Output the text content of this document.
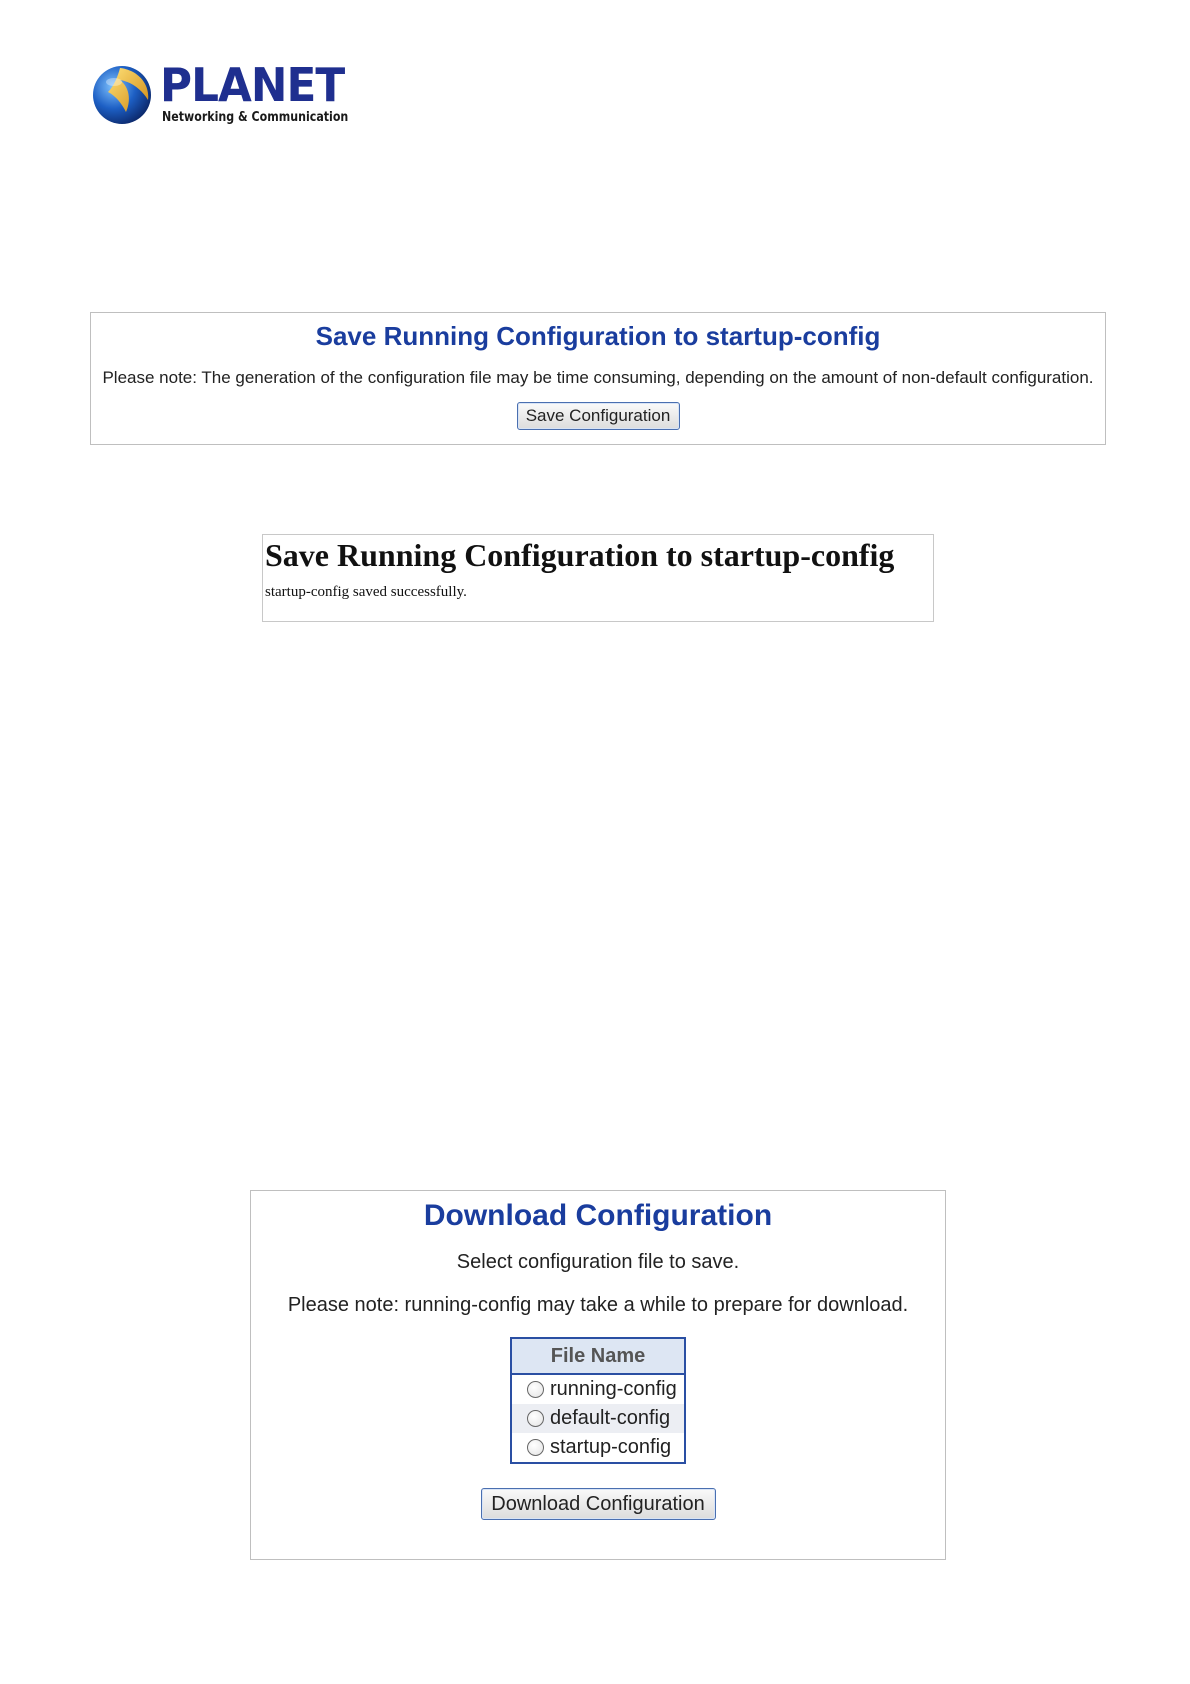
PLANET
Networking & Communication
Save Running Configuration to startup-config
Please note: The generation of the configuration file may be time consuming, depending on the amount of non-default configuration.
Save Configuration
Save Running Configuration to startup-config
startup-config saved successfully.
Download Configuration
Select configuration file to save.
Please note: running-config may take a while to prepare for download.
File Name
running-config
default-config
startup-config
Download Configuration
